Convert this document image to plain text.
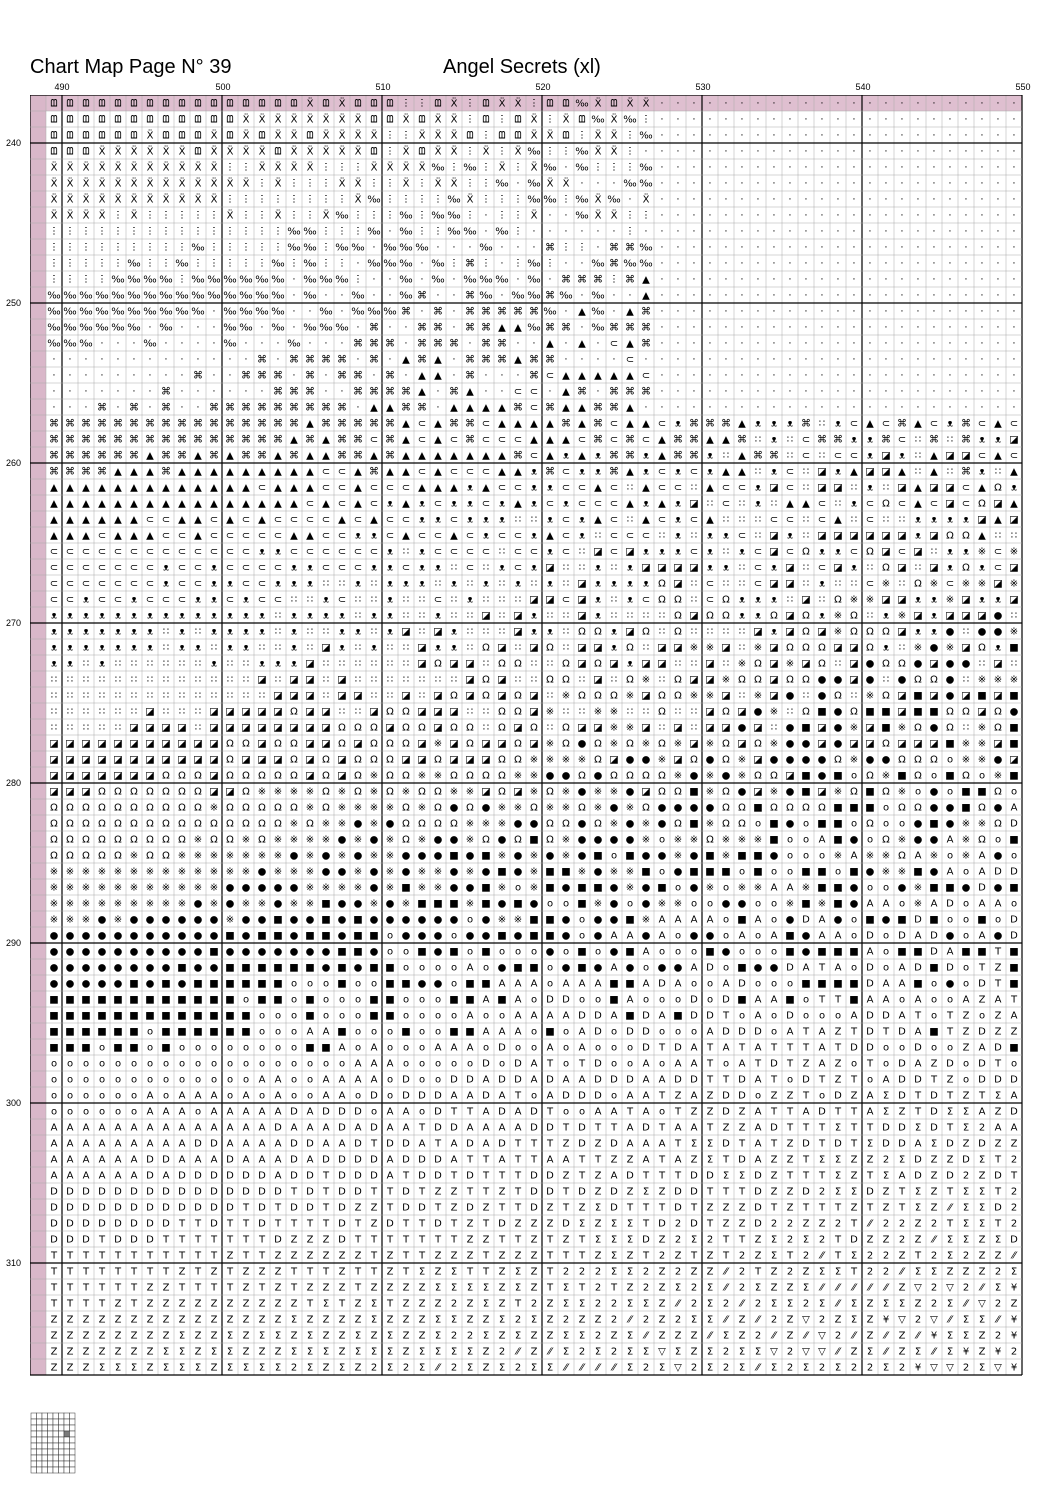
Chart Map Page N° 39	Angel Secrets (xl)
490	500	510	520	530	540	550
240
250
260
270
280
290
300
310
ᗶ ᗶ ᗶ ᗶ ᗶ ᗶ ᗶ ᗶ ᗶ ᗶ ᗶ ᗶ ᗶ ᗶ ᗶ ᗶ Ẍ ᗶ Ẍ ᗶ ᗶ ᗶ ⵗ ⵗ ᗶ Ẍ ⵗ ᗶ Ẍ Ẍ ⵗ ᗶ ᗶ ‰ Ẍ ᗶ Ẍ Ẍ · · · · · · · · · · · · · · · · · · · · · · ·
ᗶ ᗶ ᗶ ᗶ ᗶ ᗶ ᗶ ᗶ ᗶ ᗶ ᗶ ᗶ Ẍ Ẍ Ẍ Ẍ Ẍ Ẍ Ẍ Ẍ ᗶ ᗶ Ẍ ᗶ Ẍ Ẍ ⵗ ᗶ ⵗ ᗶ Ẍ ⵗ Ẍ ᗶ ‰ Ẍ ‰ ⵗ · · · · · · · · · · · · · · · · · · · · · · ·
ᗶ ᗶ ᗶ ᗶ ᗶ ᗶ Ẍ ᗶ ᗶ ᗶ Ẍ ᗶ Ẍ ᗶ Ẍ Ẍ ᗶ Ẍ Ẍ Ẍ Ẍ ⵗ ⵗ Ẍ Ẍ Ẍ ᗶ ⵗ ᗶ ᗶ Ẍ Ẍ ᗶ ⵗ Ẍ Ẍ ⵗ ‰ · · · · · · · · · · · · · · · · · · · · · · ·
ᗶ ᗶ ᗶ Ẍ Ẍ Ẍ Ẍ Ẍ Ẍ ᗶ Ẍ Ẍ Ẍ Ẍ ᗶ Ẍ Ẍ Ẍ Ẍ Ẍ ᗶ ⵗ Ẍ ᗶ Ẍ Ẍ ⵗ Ẍ ⵗ Ẍ ‰ ⵗ ⵗ ‰ Ẍ Ẍ ⵗ · · · · · · · · · · · · · · · · · · · · · · · ·
Ẍ Ẍ Ẍ Ẍ Ẍ Ẍ Ẍ Ẍ Ẍ Ẍ Ẍ ⵗ ⵗ Ẍ Ẍ Ẍ Ẍ ⵗ ⵗ ⵗ Ẍ Ẍ Ẍ Ẍ ‰ ⵗ ‰ ⵗ Ẍ ⵗ Ẍ ‰ · ‰ ⵗ ⵗ ⵗ ‰ · · · · · · · · · · · · · · · · · · · · · · ·
Ẍ Ẍ Ẍ Ẍ Ẍ Ẍ Ẍ Ẍ Ẍ Ẍ Ẍ Ẍ Ẍ ⵗ Ẍ ⵗ ⵗ ⵗ Ẍ Ẍ ⵗ ⵗ Ẍ ⵗ Ẍ Ẍ ⵗ ⵗ ‰ · ‰ Ẍ Ẍ · · · ‰ ‰ · · · · · · · · · · · · · · · · · · · · · · ·
Ẍ Ẍ Ẍ Ẍ Ẍ Ẍ Ẍ Ẍ Ẍ Ẍ Ẍ ⵗ ⵗ ⵗ ⵗ ⵗ ⵗ ⵗ ⵗ Ẍ ‰ ⵗ ⵗ ⵗ ⵗ ‰ Ẍ ⵗ ⵗ ⵗ ‰ ‰ ⵗ ‰ Ẍ ‰ · Ẍ · · · · · · · · · · · · · · · · · · · · · · ·
Ẍ Ẍ Ẍ Ẍ ⵗ Ẍ ⵗ ⵗ ⵗ ⵗ ⵗ Ẍ ⵗ ⵗ Ẍ ⵗ ⵗ Ẍ ‰ ⵗ ⵗ ⵗ ‰ ⵗ ‰ ‰ ⵗ · ⵗ ⵗ Ẍ · · ‰ Ẍ Ẍ ⵗ ⵗ · · · · · · · · · · · · · · · · · · · · · · ·
ⵗ ⵗ ⵗ ⵗ ⵗ ⵗ ⵗ ⵗ ⵗ ⵗ ⵗ ⵗ ⵗ ⵗ ⵗ ‰ ‰ ⵗ ⵗ ⵗ ‰ · ‰ ⵗ ⵗ ‰ ‰ · ‰ ⵗ · · · · · · ⵗ · · · · · · · · · · · · · · · · · · · · · · · ·
ⵗ ⵗ ⵗ ⵗ ⵗ ⵗ ⵗ ⵗ ⵗ ‰ ⵗ ⵗ ⵗ ⵗ ⵗ ‰ ‰ ⵗ ‰ ‰ · ‰ ‰ ‰ · · · ‰ · · · ⌘ ⵗ ⵗ · ⌘ ⌘ ‰ · · · · · · · · · · · · · · · · · · · · · · ·
ⵗ ⵗ ⵗ ⵗ ⵗ ‰ ⵗ ⵗ ‰ ⵗ ⵗ ⵗ ⵗ ⵗ ‰ ⵗ ‰ ⵗ ⵗ · ‰ ‰ ‰ · ‰ ⵗ ⌘ ⵗ · ⵗ ‰ ⵗ · · ‰ ⌘ ‰ ‰ · · · · · · · · · · · · · · · · · · · · · · ·
ⵗ ⵗ ⵗ ⵗ ‰ ‰ ‰ ‰ ⵗ ‰ ‰ ‰ ‰ ‰ ‰ · ‰ ‰ ‰ ⵗ · · ‰ · ‰ · ‰ ‰ ‰ · ‰ · ⌘ ⌘ ⌘ ⵗ ⌘ ▲ · · · · · · · · · · · · · · · · · · · · · · ·
‰ ‰ ‰ ‰ ‰ ‰ ‰ ‰ ‰ ‰ ‰ ‰ ‰ ‰ ‰ · ‰ · · ‰ · · ‰ ⌘ · · ⌘ ‰ · ‰ ‰ ⌘ ‰ · ‰ · · ▲ · · · · · · · · · · · · · · · · · · · · · · ·
‰ ‰ ‰ ‰ ‰ ‰ ‰ ‰ ‰ ‰ · ‰ ‰ ‰ ‰ · · ‰ · ‰ ‰ ‰ ⌘ · ⌘ · ⌘ ⌘ ⌘ ⌘ ⌘ ‰ · ▲ ‰ · ▲ ⌘ · · · · · · · · · · · · · · · · · · · · · · ·
‰ ‰ ‰ ‰ ‰ ‰ · ‰ · · · ‰ ‰ · ‰ · ‰ ‰ ‰ · ⌘ · · ⌘ ⌘ · ⌘ ⌘ ▲ ▲ ‰ ⌘ ⌘ · ‰ ⌘ ⌘ ⌘ · · · · · · · · · · · · · · · · · · · · · · ·
‰ ‰ ‰ · · · ‰ · · · · ‰ · · · ‰ · · · ⌘ ⌘ ⌘ · ⌘ ⌘ ⌘ · ⌘ ⌘ · · ▲ · ▲ · ⊂ ▲ ⌘ · · · · · · · · · · · · · · · · · · · · · · ·
· · · · · · · · · · · · · ⌘ · ⌘ ⌘ ⌘ ⌘ · ⌘ · ▲ ⌘ ▲ · ⌘ ⌘ ⌘ ▲ ⌘ ⌘ · · · · ⊂ · · · · · · · · · · · · · · · · · · · · · · · ·
· · · · · · · · · ⌘ · · ⌘ ⌘ ⌘ · ⌘ · ⌘ ⌘ · ⌘ · ▲ ▲ · ⌘ · · · ⌘ ⊂ ▲ ▲ ▲ ▲ ▲ ⊂ · · · · · · · · · · · · · · · · · · · · · · ·
· · · · · · · ⌘ · · · · · · ⌘ ⌘ ⌘ · · ⌘ ⌘ ⌘ ⌘ ▲ · ⌘ ▲ · · ⊂ ⊂ · ▲ ⌘ · ⌘ ⌘ ⌘ · · · · · · · · · · · · · · · · · · · · · · ·
· · · ⌘ · ⌘ · ⌘ · · ⌘ ⌘ ⌘ ⌘ ⌘ ⌘ ⌘ ⌘ ⌘ · ▲ ▲ ⌘ ⌘ · ▲ ▲ ▲ ▲ ⌘ ⊂ ⌘ ▲ ▲ ⌘ ⌘ ▲ · · · · · · · · · · · · · · · · · · · · · · · ·
⌘ ⌘ ⌘ ⌘ ⌘ ⌘ ⌘ ⌘ ⌘ ⌘ ⌘ ⌘ ⌘ ⌘ ⌘ ⌘ ▲ ⌘ ⌘ ⌘ ⌘ ⌘ ▲ ⊂ ▲ ⌘ ⌘ ⊂ ▲ ▲ ▲ ▲ ⌘ ▲ ⌘ ⊂ ▲ ▲ ⊂ ᴥ ⌘ ⌘ ⌘ ▲ ᴥ ᴥ ᴥ ⌘ ∷ ᴥ ⊂ ▲ ⊂ ⌘ ▲ ⊂ ᴥ ⌘ ⊂ ▲ ⊂
⌘ ⌘ ⌘ ⌘ ⌘ ⌘ ⌘ ⌘ ⌘ ⌘ ⌘ ⌘ ⌘ ⌘ ⌘ ▲ ⌘ ▲ ⌘ ⌘ ⊂ ⌘ ▲ ⊂ ▲ ⊂ ⌘ ⊂ ⊂ ⊂ ▲ ▲ ▲ ⊂ ⌘ ⊂ ⌘ ⊂ ▲ ⌘ ⌘ ▲ ▲ ⌘ ∷ ᴥ ∷ ⊂ ⌘ ⌘ ᴥ ᴥ ⌘ ⊂ ∷ ⌘ ∷ ⌘ ᴥ ᴥ ◪
⌘ ⌘ ⌘ ⌘ ⌘ ⌘ ▲ ⌘ ⌘ ▲ ⌘ ▲ ⌘ ⌘ ▲ ⌘ ▲ ▲ ⌘ ⌘ ▲ ⌘ ▲ ▲ ▲ ▲ ▲ ▲ ▲ ⌘ ⊂ ▲ ᴥ ▲ ᴥ ⌘ ⌘ ᴥ ▲ ⌘ ⌘ ᴥ ∷ ▲ ⌘ ⌘ ∷ ⊂ ∷ ⊂ ⊂ ᴥ ◪ ᴥ ∷ ▲ ◪ ◪ ⊂ ▲ ⊂
⌘ ⌘ ⌘ ⌘ ▲ ▲ ▲ ⌘ ▲ ▲ ▲ ▲ ▲ ▲ ▲ ▲ ▲ ⊂ ⊂ ▲ ⌘ ▲ ▲ ⊂ ▲ ⊂ ⊂ ⊂ ▲ ▲ ᴥ ⌘ ⊂ ᴥ ᴥ ⌘ ▲ ᴥ ⊂ ᴥ ⊂ ᴥ ▲ ▲ ∷ ᴥ ⊂ ∷ ◪ ᴥ ▲ ◪ ◪ ▲ ∷ ▲ ∷ ⌘ ᴥ ∷ ▲
▲ ▲ ▲ ▲ ▲ ▲ ▲ ▲ ▲ ▲ ▲ ▲ ▲ ⊂ ▲ ▲ ▲ ⊂ ⊂ ▲ ⊂ ⊂ ⊂ ▲ ▲ ▲ ᴥ ▲ ⊂ ⊂ ᴥ ᴥ ⊂ ⊂ ▲ ⊂ ∷ ▲ ⊂ ⊂ ∷ ▲ ⊂ ⊂ ᴥ ◪ ⊂ ∷ ◪ ◪ ∷ ᴥ ∷ ◪ ▲ ◪ ◪ ⊂ ▲ Ω ᴥ
▲ ▲ ▲ ▲ ▲ ▲ ▲ ▲ ▲ ▲ ▲ ▲ ▲ ▲ ▲ ▲ ⊂ ▲ ⊂ ▲ ⊂ ᴥ ▲ ᴥ ⊂ ᴥ ᴥ ⊂ ᴥ ▲ ᴥ ⊂ ᴥ ⊂ ⊂ ⊂ ▲ ᴥ ▲ ᴥ ◪ ∷ ⊂ ∷ ᴥ ∷ ▲ ▲ ⊂ ∷ ᴥ ⊂ Ω ⊂ ▲ ⊂ ◪ ⊂ Ω ◪ ▲
▲ ▲ ▲ ▲ ▲ ▲ ⊂ ⊂ ▲ ▲ ⊂ ▲ ⊂ ▲ ⊂ ⊂ ⊂ ⊂ ▲ ⊂ ▲ ⊂ ⊂ ᴥ ᴥ ⊂ ᴥ ᴥ ᴥ ∷ ∷ ᴥ ⊂ ᴥ ▲ ⊂ ∷ ▲ ⊂ ᴥ ⊂ ▲ ∷ ∷ ∷ ⊂ ⊂ ∷ ⊂ ▲ ∷ ⊂ ∷ ∷ ᴥ ᴥ ᴥ ᴥ ◪ ▲ ◪
▲ ▲ ▲ ⊂ ▲ ▲ ▲ ⊂ ⊂ ▲ ⊂ ⊂ ⊂ ⊂ ⊂ ▲ ▲ ⊂ ⊂ ᴥ ᴥ ⊂ ▲ ⊂ ⊂ ▲ ⊂ ᴥ ⊂ ⊂ ᴥ ▲ ⊂ ᴥ ∷ ⊂ ⊂ ⊂ ∷ ᴥ ∷ ᴥ ᴥ ⊂ ∷ ◪ ᴥ ∷ ◪ ◪ ◪ ◪ ◪ ◪ ᴥ ◪ Ω Ω ▲ ∷ ∷
⊂ ⊂ ⊂ ⊂ ⊂ ⊂ ⊂ ⊂ ⊂ ⊂ ⊂ ⊂ ⊂ ᴥ ᴥ ⊂ ⊂ ⊂ ⊂ ⊂ ⊂ ᴥ ∷ ᴥ ⊂ ⊂ ⊂ ⊂ ∷ ⊂ ⊂ ᴥ ⊂ ∷ ◪ ⊂ ◪ ᴥ ᴥ ᴥ ⊂ ᴥ ∷ ᴥ ⊂ ◪ ⊂ Ω ᴥ ᴥ ⊂ Ω ◪ ⊂ ◪ ∷ ᴥ ᴥ ※ ⊂ ※
⊂ ⊂ ⊂ ⊂ ⊂ ⊂ ⊂ ᴥ ⊂ ⊂ ᴥ ⊂ ⊂ ⊂ ⊂ ᴥ ᴥ ⊂ ⊂ ⊂ ᴥ ᴥ ⊂ ᴥ ᴥ ∷ ⊂ ∷ ᴥ ⊂ ᴥ ◪ ∷ ∷ ᴥ ∷ ᴥ ◪ ◪ ◪ ◪ ᴥ ᴥ ∷ ⊂ ᴥ ◪ ∷ ⊂ ◪ ᴥ ∷ Ω ◪ ∷ ◪ ᴥ Ω ᴥ ⊂ ◪
⊂ ⊂ ⊂ ⊂ ⊂ ⊂ ⊂ ᴥ ⊂ ⊂ ᴥ ᴥ ⊂ ⊂ ᴥ ᴥ ᴥ ∷ ∷ ᴥ ∷ ᴥ ᴥ ᴥ ∷ ᴥ ∷ ᴥ ∷ ᴥ ∷ ᴥ ∷ ◪ ᴥ ᴥ ᴥ ᴥ Ω ◪ ∷ ⊂ ∷ ∷ ⊂ ◪ ◪ ∷ ᴥ ∷ ∷ ⊂ ※ ∷ Ω ※ ⊂ ※ ※ ◪ ※
⊂ ⊂ ᴥ ⊂ ⊂ ᴥ ⊂ ⊂ ⊂ ᴥ ᴥ ⊂ ᴥ ⊂ ⊂ ∷ ∷ ᴥ ⊂ ∷ ∷ ᴥ ∷ ∷ ⊂ ∷ ᴥ ∷ ∷ ∷ ◪ ◪ ⊂ ◪ ᴥ ∷ ᴥ ⊂ Ω Ω ∷ ⊂ Ω ᴥ ᴥ ᴥ ∷ ◪ ∷ Ω ※ ※ ◪ ◪ ᴥ ᴥ ※ ◪ ᴥ ᴥ ◪
ᴥ ᴥ ᴥ ᴥ ᴥ ᴥ ᴥ ᴥ ᴥ ᴥ ᴥ ᴥ ᴥ ᴥ ∷ ᴥ ᴥ ᴥ ᴥ ∷ ᴥ ᴥ ∷ ∷ ᴥ ∷ ∷ ◪ ∷ ◪ ᴥ ∷ ∷ ◪ ᴥ ∷ ∷ ∷ ∷ Ω ◪ Ω Ω ᴥ ᴥ Ω ◪ Ω ᴥ ※ Ω ∷ ᴥ ※ ◪ ᴥ ◪ ◪ ◪ ● ∷
ᴥ ᴥ ᴥ ᴥ ᴥ ᴥ ᴥ ∷ ᴥ ∷ ᴥ ᴥ ᴥ ᴥ ∷ ᴥ ∷ ∷ ᴥ ᴥ ∷ ᴥ ◪ ∷ ◪ ᴥ ∷ ∷ ∷ ◪ ᴥ ᴥ ∷ Ω Ω ᴥ ◪ Ω ∷ Ω ∷ ∷ ∷ ∷ ◪ ᴥ ◪ Ω ◪ ※ Ω Ω Ω ◪ ᴥ ᴥ ● ∷ ● ● ※
ᴥ ᴥ ᴥ ᴥ ᴥ ᴥ ᴥ ∷ ᴥ ᴥ ∷ ᴥ ᴥ ∷ ∷ ᴥ ∷ ◪ ᴥ ∷ ᴥ ∷ ∷ ◪ ᴥ ᴥ ∷ Ω ◪ ∷ ◪ Ω ∷ ◪ ◪ ᴥ Ω ∷ ◪ ◪ ※ ※ ◪ ∷ ※ ◪ Ω Ω Ω ◪ ◪ Ω ᴥ ∷ ※ ● ※ ◪ Ω ᴥ ■
ᴥ ᴥ ∷ ᴥ ∷ ∷ ∷ ∷ ∷ ∷ ᴥ ∷ ∷ ᴥ ᴥ ᴥ ◪ ∷ ∷ ∷ ∷ ∷ ∷ ◪ Ω ◪ ◪ ∷ Ω Ω ∷ ∷ Ω ◪ Ω ◪ ᴥ ◪ ◪ ∷ ∷ ◪ ∷ ※ Ω ◪ ※ ◪ Ω ∷ ◪ ● Ω Ω ● ◪ ● ● ∷ ◪ ∷
∷ ∷ ∷ ∷ ∷ ∷ ∷ ∷ ∷ ∷ ∷ ∷ ∷ ◪ ∷ ◪ ◪ ∷ ◪ ∷ ∷ ∷ ∷ ∷ ∷ ∷ ◪ Ω ◪ ∷ ∷ Ω Ω ∷ ◪ ∷ Ω ※ ∷ Ω ◪ ◪ ※ Ω Ω ◪ Ω Ω ● ● ◪ ● ∷ ● Ω Ω ● ∷ ※ ※ ※
∷ ∷ ∷ ∷ ∷ ∷ ∷ ∷ ∷ ∷ ∷ ∷ ∷ ∷ ◪ ◪ ◪ ∷ ◪ ◪ ∷ ∷ ◪ ∷ ◪ Ω ◪ Ω ◪ Ω ◪ ∷ ※ Ω Ω Ω ※ ◪ Ω Ω ※ ※ ◪ ∷ ※ ◪ ● ∷ ● Ω ∷ ※ Ω ◪ ■ ◪ ● ◪ ■ ◪ ■
∷ ∷ ∷ ∷ ∷ ∷ ◪ ∷ ∷ ∷ ◪ ◪ ◪ ◪ ◪ Ω ◪ ◪ ∷ ∷ ◪ Ω Ω ◪ ◪ ◪ ∷ ∷ Ω Ω ◪ ※ ∷ ∷ ※ ※ ∷ ∷ Ω ∷ ∷ ◪ Ω ◪ ● ※ ∷ Ω ■ ● Ω ■ ■ ◪ ■ ■ Ω Ω ◪ Ω ●
∷ ∷ ∷ ∷ ∷ ◪ ◪ ◪ ◪ ∷ ◪ ◪ ◪ ◪ ◪ ◪ ◪ ◪ Ω Ω Ω ◪ Ω Ω ◪ Ω Ω ∷ Ω ◪ Ω ∷ Ω ◪ ◪ ※ ※ ◪ ∷ ◪ ∷ ◪ ◪ ● ◪ ∷ ● ■ ◪ ● ※ ◪ ■ ※ Ω ● Ω ∷ ※ Ω ■
◪ ◪ ◪ ◪ ◪ ◪ ◪ ◪ ◪ ◪ ◪ Ω Ω ◪ Ω Ω ◪ ◪ Ω ◪ Ω Ω Ω ◪ ※ ◪ Ω ◪ ◪ Ω ◪ ※ Ω ● Ω ※ Ω ※ Ω ※ ◪ ※ Ω ◪ Ω ※ ● ● ◪ ● ◪ ◪ Ω ◪ ◪ ◪ ■ ※ ※ ◪ ■
◪ ◪ ◪ ◪ ◪ ◪ ◪ ◪ ◪ ◪ ◪ Ω ◪ ◪ ◪ Ω ◪ Ω ◪ Ω Ω Ω ◪ ◪ Ω ◪ ◪ ◪ Ω Ω ※ ※ ※ ※ Ω ◪ ● ● ※ ◪ Ω ● Ω ※ ◪ ● ● ● ● Ω ※ ● ● Ω Ω Ω o ※ ※ ● ◪
◪ ◪ ◪ ◪ ◪ ◪ ◪ Ω Ω Ω ◪ Ω Ω Ω Ω Ω ◪ Ω ◪ Ω ※ Ω Ω ※ ※ Ω Ω Ω Ω ※ ※ ● ● Ω ● Ω Ω Ω Ω ※ ● ※ ● ※ Ω Ω ◪ ■ ● ■ o Ω ※ ■ Ω o ■ Ω o ※ ■
◪ ◪ ◪ Ω Ω Ω Ω Ω Ω Ω ◪ ◪ Ω ※ ※ ※ ※ Ω ※ Ω ※ Ω ※ Ω Ω ※ ※ ◪ Ω ◪ ※ Ω ※ ● ※ ※ ● ◪ Ω Ω ■ ※ Ω ● ◪ ※ ● ■ ◪ ※ Ω ■ Ω ※ o ● o ■ ■ Ω o
Ω Ω Ω Ω Ω Ω Ω Ω Ω Ω ※ Ω Ω Ω Ω Ω ※ Ω ※ ※ ※ ※ Ω ※ Ω ● Ω ● ※ ※ Ω ※ ※ Ω ※ ● ※ Ω ● ● ● ● Ω Ω ■ Ω Ω Ω Ω ■ ■ ■ o Ω Ω ● ● ■ Ω ● A
Ω Ω Ω Ω Ω Ω Ω Ω Ω Ω Ω Ω Ω Ω Ω ※ Ω ※ ※ ● ※ ● Ω Ω Ω Ω ※ ※ ※ ● ● Ω Ω ● Ω ※ ● ※ ● Ω ■ ※ Ω Ω o ■ ● o ■ ■ o Ω o o ● ■ ● ※ ※ Ω D
Ω Ω Ω Ω Ω Ω Ω Ω Ω ※ Ω Ω ※ Ω ※ ※ ※ ※ ● ※ ● ※ Ω ※ ● ● ※ Ω ● Ω ■ Ω ※ ● ● ● ● ※ o ※ ※ Ω ※ ※ ※ ■ o o A ■ ● o Ω ※ ● ● A ※ Ω o ■
Ω Ω Ω Ω Ω ※ Ω Ω ※ ※ ※ ※ ※ ※ ※ ● ※ ● ※ ● ※ ※ ● ● ● ■ ● ■ ※ ● ※ ● ※ ● ■ o ■ ● ● ※ ● ■ ※ ■ ■ ● o o o ※ A ※ ※ Ω A ※ o ※ A ● o
※ ※ ※ ※ ※ ※ ※ ※ ※ ※ ※ ※ ※ ● ※ ※ ※ ● ● ※ ● ※ ● ※ ※ ● ※ ● ■ ● ※ ■ ■ ※ ● ※ ※ ■ o ● ■ ■ ■ o ■ o o ■ ■ o ■ ● ※ ※ ■ ● A o A D D
※ ※ ※ ※ ※ ※ ※ ※ ※ ※ ※ ● ● ● ● ● ※ ※ ※ ※ ● ※ ■ ※ ※ ● ● ■ ※ o ※ ■ ● ■ ■ ● ※ ● ■ o ● ※ o ※ ※ A A ※ ■ ■ ● o o ● ※ ■ ■ ● D ● ■
※ ※ ※ ※ ※ ※ ※ ※ ※ ● ※ ● ※ ※ ● ※ ※ ■ ● ● ※ ● ※ ■ ■ ■ ※ ■ ● ■ ● o o ■ ※ ● o ● ※ ※ o o ● ● o o ※ ■ ※ ■ ● A A o ※ A D o A A o
※ ※ ※ ● ※ ● ● ● ● ● ● ※ ● ● ■ ● ● ■ ● ■ ● ● ● ● ● ● o ● ※ ※ ■ ■ ● o ● ● ■ ※ A A A A o ■ A o ● D A ● o ■ ● ■ D ■ o o ■ o D
● ● ● ● ● ● ● ● ● ● ● ■ ● ■ ■ ● ■ ■ ● ■ ■ o ● ● ● o ● ● ■ ● ■ ■ ● o ● A A ● A o ● ● o A o A ■ ● A A o D o D A D ● o A ● D
● ● ● ● ● ● ● ● ● ● ■ ● ● ● ● ● ● ● ■ ■ ● o o ■ ● ■ o ■ o o o ● o ■ o ● ■ A o o o ■ ● o o o ■ ● ■ ■ ■ A o ■ ■ D A ■ ■ T ■
● ● ● ● ● ● ● ● ■ ● ● ■ ■ ■ ■ ■ ■ ● ■ ● ■ ■ o o o o A o ● ■ ■ o ● ■ ● A ● o ● ● A D o ■ ● ● D A T A o D o A D ■ D o T Z ■
● ● ● ● ● ■ ● ■ ● ■ ■ ■ ■ ■ ■ o o o ■ o o ■ ■ ● ● o ■ ■ A A A o A A A ■ ■ A D A o o A D o o o ■ ■ ■ ■ D A A ■ o ● o D T ■
■ ■ ■ ■ ■ ■ ■ ■ ■ ■ ■ ■ o ■ ■ o ■ o o o ■ ■ o o o ■ ■ A ■ A o D D o o ■ A o o o D o D ■ A A ■ o T T ■ A A o A o o A Z A T
■ ■ ■ ■ ■ ■ ■ ■ ■ ■ ■ ■ ■ o o o ■ o o o ■ ■ o o o o A o o A A A A D D A ■ D A ■ D D T o A o D o o o A D D A T o T Z o Z A
■ ■ ■ ■ ■ ■ o ■ ■ ■ ■ ■ ■ o o o A A ■ o o o ■ o o ■ ■ A A A o ■ o A D o D D o o o A D D D o A T A Z T D T D A ■ T Z D Z Z
■ ■ ■ o ■ ■ o ■ o o o o o o o o ■ ■ A o A o o o A A A o D o o A o A o o o D T D A T A T A T T T A T D D o o D o o Z A D ■
o o o o o o o o o o o o o o o o o o o A A A o o o o o D o D A T o T D o o A o A A T o A T D T Z A Z o T o D A Z D o D T o
o o o o o o o o o o o o o A A o o A A A A o D o o D D A D D A D A A D D D A A D D T T D A T o D T Z T o A D D T Z o D D D
o o o o o o A o A A A o A o A o o A A o D o D D D A A D A T o A D D D o A A T Z A Z D D o Z Z T o D Z A Σ D T D T Z T Σ A
o o o o o o A A A o A A A A A D A D D D o A A o D T T A D A D T o o A A T A o T Z Z D Z A T T A D T T A Σ Z T D Σ Σ A Z D
A A A A A A A A A A A A A A D A A A D A D A A T D D A A A A D D T D T T A D T A A T Z Z A D T T T Σ T T D D Σ D T Σ 2 A A
A A A A A A A A A D D A A A A D D A A D T D D A T A D A D T T T Z D Z D A A A T Σ Σ D T A T Z D T D T Σ D D A Σ D Z D Z Z
A A A A A A D D A A A D A A A D A D D D D A D D D A T T A T T A A T T Z Z A T A Z Σ T D A Z Z T Σ Σ Z Z 2 Σ D Z Z D Σ T 2
A A A A A A D A D D D D D D A D D T D D D A T D D T D T T T D D Z T Z A D T T T D D Σ Σ D Z T T T Σ Z T Σ A D Z D 2 Z D T
D D D D D D D D D D D D D D D T D T D D T T D T Z Z T T Z T D D T D Z D Z Σ Z D D T T T D Z Z D 2 Σ Σ D Z T Σ Z T Σ Σ T 2
D D D D D D D D D D D D T D T D D T D Z Z T D D T Z D Z T T D Z T Z Σ D T T T D T Z Z Z D T Z T T T Z T Z T Σ Z ⁄⁄ Σ Σ D 2
D D D D D D D D T T D T T D T T T T D T Z D T T D T Z T D Z Z Z D Σ Z Σ Σ T D 2 D T Z Z D 2 2 Z Z 2 T ⁄⁄ 2 2 Z 2 T Σ Σ T 2
D D D T D D D T T T T T T T D Z Z Z D T T T T T T T Z Z T T Z T Z T Σ Σ Σ D Z 2 Σ 2 T T Z Σ 2 Σ 2 T D Z Z 2 Z ⁄⁄ Σ Σ Z Σ D
T T T T T T T T T T T Z T T Z Z Z Z Z Z T Z T T Z Z Z T Z Z Z T T T Z Σ Z T 2 Z T Z T 2 Z Σ T 2 ⁄⁄ T Σ 2 2 Z T 2 Σ 2 Z Z ⁄⁄
T T T T T T T T Z T Z T Z Z Z T T T Z T T Z T Σ Z Σ T T Z Σ Z T 2 2 2 Σ Σ 2 Z 2 Z Z ⁄⁄ 2 T Z 2 Z Σ Σ T 2 2 ⁄⁄ Σ Σ Z Z Z 2 Σ
T T T T T T Z Z T T T T Z T Z T Z Z Z T Z Z Z Z Σ Σ Σ Σ Z Σ Z T Σ T 2 T Z 2 Z Σ 2 Σ ⁄⁄ 2 Σ Z Z Σ ⁄⁄ ⁄⁄ ⁄⁄ ⁄⁄ ⁄⁄ Z ▽ 2 ▽ 2 ⁄⁄ Σ ¥
T T T T Z T Z Z Z Z Z Z Z Z Z Z T Σ T Z Σ T Z Z Z 2 Z Σ Z T 2 Z Σ Σ 2 2 Σ Σ Z ⁄⁄ 2 Σ 2 ⁄⁄ 2 Σ Σ 2 Σ ⁄⁄ Σ Z Σ Σ Z 2 Σ ⁄⁄ ▽ 2 Z
Z Z Z Z Z Z Z Z Z Z Z Z Z Z Z Σ Z Z Z Z Σ Z Z Z Σ Σ Z Z Σ 2 Σ Z 2 Z Z 2 ⁄⁄ 2 Z 2 Σ Σ ⁄⁄ Z ⁄⁄ 2 Z ▽ 2 Z Σ Z ¥ ▽ 2 ▽ ⁄⁄ Σ Σ ⁄⁄ ¥
Z Z Z Z Z Z Z Z Σ Z Z Σ Z Σ Σ Z Σ Z Z Σ Z Σ Z Z Σ 2 2 Σ Z Σ Z Z Σ Σ 2 Z Σ ⁄⁄ Z Z Z ⁄⁄ Σ Z 2 ⁄⁄ Z ⁄⁄ ▽ 2 ⁄⁄ Z ⁄⁄ Z ⁄⁄ ¥ Σ Σ Z 2 ¥
Z Z Z Z Z Z Z Σ Σ Z Σ Σ Z Z Z Σ Σ Σ Z Σ Σ Σ Z Σ Σ Σ Σ Z 2 ⁄⁄ Z ⁄⁄ Σ 2 Σ 2 Σ Σ ▽ Σ Z Σ 2 Σ Σ ▽ 2 ▽ ▽ ⁄⁄ Z Σ ⁄⁄ Z Σ ⁄⁄ Σ ¥ Z ¥ 2
Z Z Z Σ Σ Σ Z Σ Σ Σ Z Σ Σ Σ Σ 2 Σ Z Σ Z 2 Σ 2 Σ ⁄⁄ 2 Σ Z Σ 2 Σ Σ ⁄⁄ ⁄⁄ ⁄⁄ ⁄⁄ Σ 2 Σ ▽ 2 Σ 2 Σ ⁄⁄ Σ 2 Σ 2 Σ 2 2 Σ 2 ¥ ▽ ▽ 2 Σ ▽ ¥
